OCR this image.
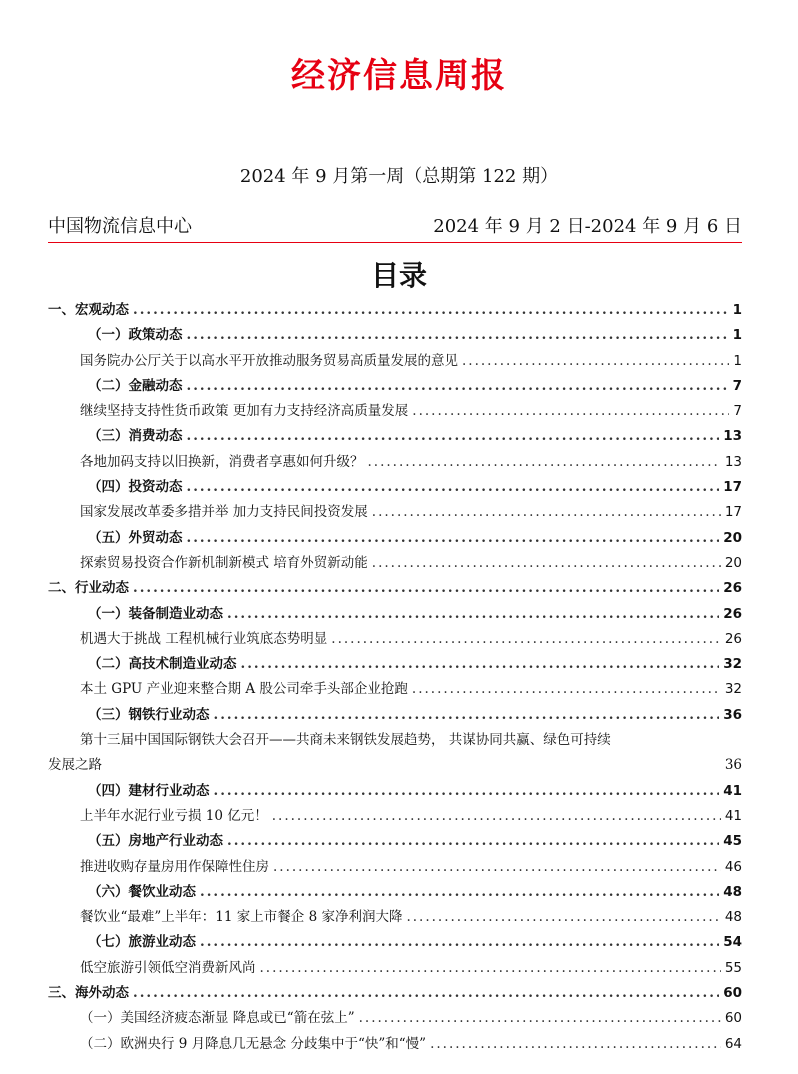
经济信息周报
2024 年 9 月第一周（总期第 122 期）
中国物流信息中心	2024 年 9 月 2 日-2024 年 9 月 6 日
目录
一、宏观动态 .....	1
（一）政策动态 .....	1
国务院办公厅关于以高水平开放推动服务贸易高质量发展的意见 .....	1
（二）金融动态 .....	7
继续坚持支持性货币政策 更加有力支持经济高质量发展 .....	7
（三）消费动态 .....	13
各地加码支持以旧换新，消费者享惠如何升级？ .....	13
（四）投资动态 .....	17
国家发展改革委多措并举 加力支持民间投资发展 .....	17
（五）外贸动态 .....	20
探索贸易投资合作新机制新模式 培育外贸新动能 .....	20
二、行业动态 .....	26
（一）装备制造业动态 .....	26
机遇大于挑战 工程机械行业筑底态势明显 .....	26
（二）高技术制造业动态 .....	32
本土 GPU 产业迎来整合期 A 股公司牵手头部企业抢跑 .....	32
（三）钢铁行业动态 .....	36
第十三届中国国际钢铁大会召开——共商未来钢铁发展趋势， 共谋协同共赢、绿色可持续
发展之路	36
（四）建材行业动态 .....	41
上半年水泥行业亏损 10 亿元！ .....	41
（五）房地产行业动态 .....	45
推进收购存量房用作保障性住房 .....	46
（六）餐饮业动态 .....	48
餐饮业“最难”上半年：11 家上市餐企 8 家净利润大降 .....	48
（七）旅游业动态 .....	54
低空旅游引领低空消费新风尚 .....	55
三、海外动态 .....	60
（一）美国经济疲态渐显 降息或已“箭在弦上” .....	60
（二）欧洲央行 9 月降息几无悬念 分歧集中于“快”和“慢” .....	64
